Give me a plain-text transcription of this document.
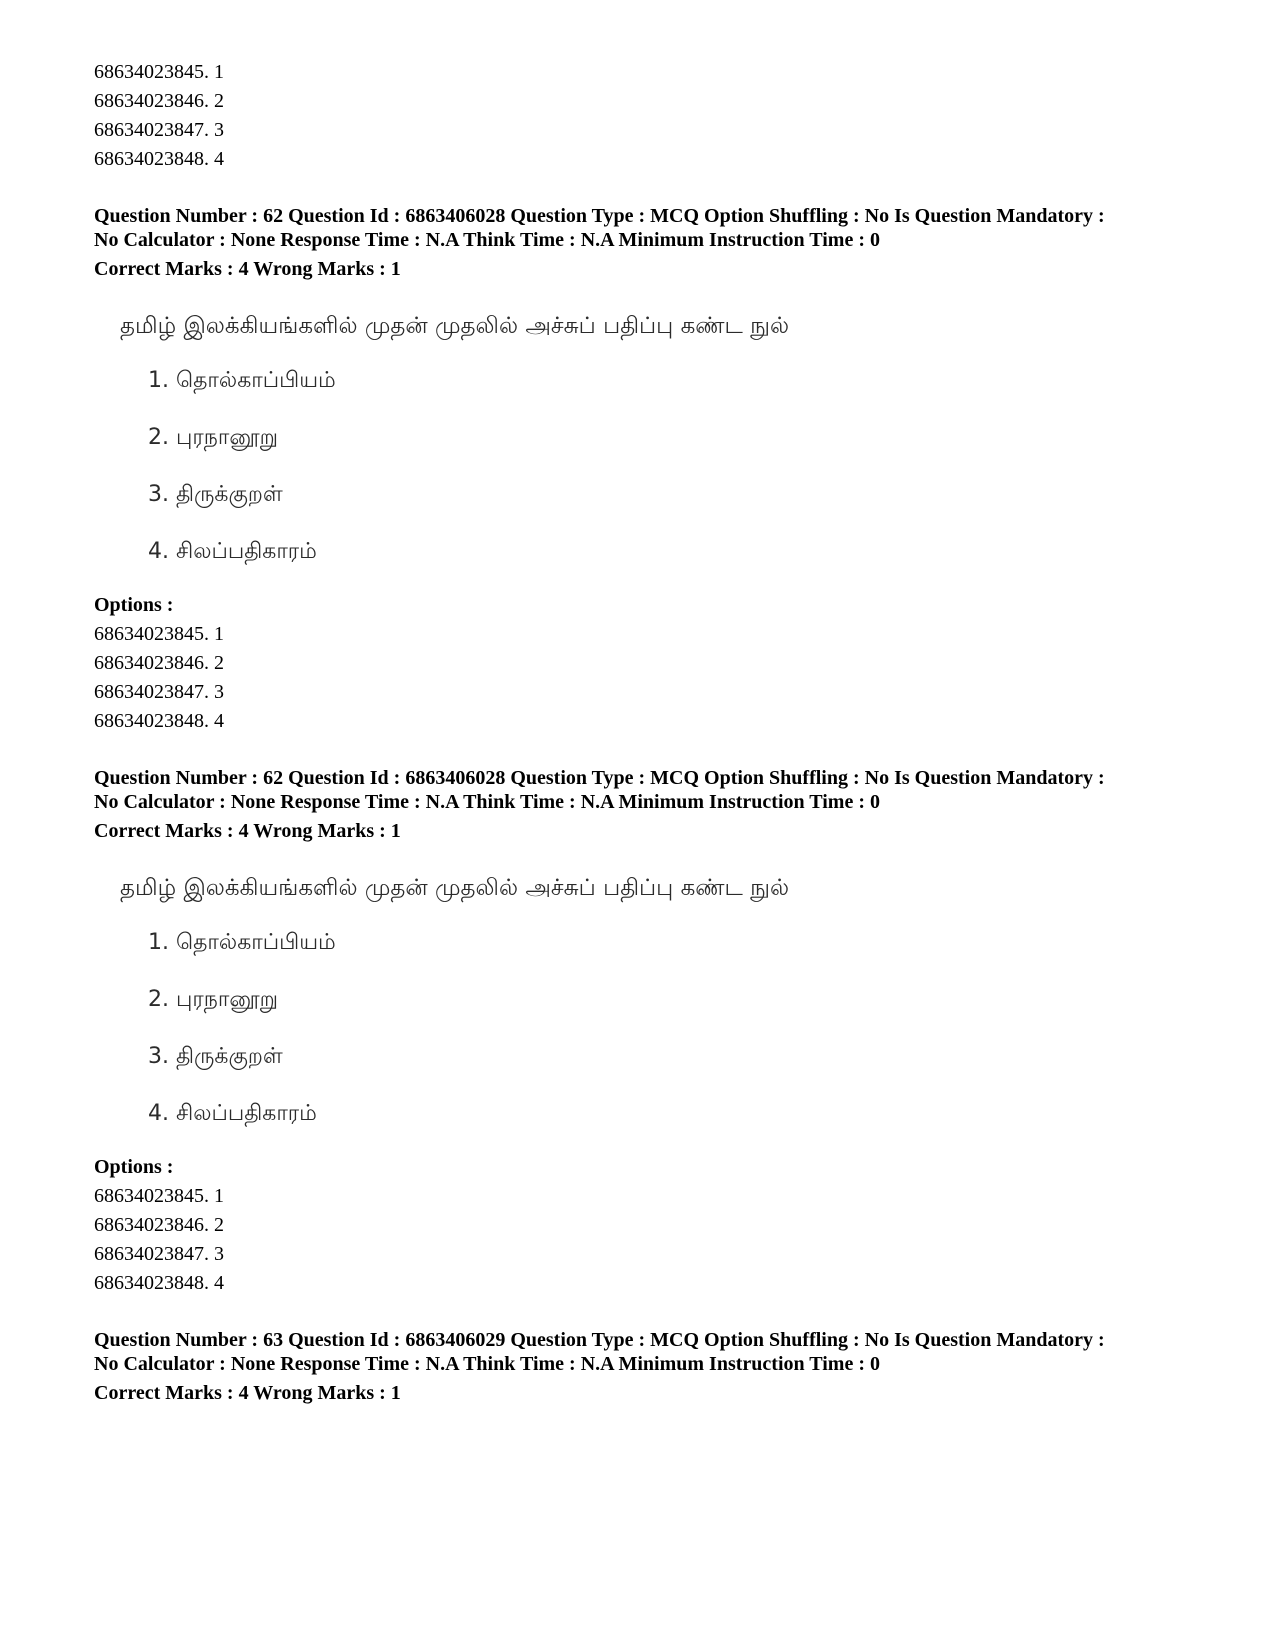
68634023845. 1
68634023846. 2
68634023847. 3
68634023848. 4
Question Number : 62 Question Id : 6863406028 Question Type : MCQ Option Shuffling : No Is Question Mandatory :
No Calculator : None Response Time : N.A Think Time : N.A Minimum Instruction Time : 0
Correct Marks : 4 Wrong Marks : 1
தமிழ் இலக்கியங்களில் முதன் முதலில் அச்சுப் பதிப்பு கண்ட நுல்
1. தொல்காப்பியம்
2. புரநானூறு
3. திருக்குறள்
4. சிலப்பதிகாரம்
Options :
68634023845. 1
68634023846. 2
68634023847. 3
68634023848. 4
Question Number : 62 Question Id : 6863406028 Question Type : MCQ Option Shuffling : No Is Question Mandatory :
No Calculator : None Response Time : N.A Think Time : N.A Minimum Instruction Time : 0
Correct Marks : 4 Wrong Marks : 1
தமிழ் இலக்கியங்களில் முதன் முதலில் அச்சுப் பதிப்பு கண்ட நுல்
1. தொல்காப்பியம்
2. புரநானூறு
3. திருக்குறள்
4. சிலப்பதிகாரம்
Options :
68634023845. 1
68634023846. 2
68634023847. 3
68634023848. 4
Question Number : 63 Question Id : 6863406029 Question Type : MCQ Option Shuffling : No Is Question Mandatory :
No Calculator : None Response Time : N.A Think Time : N.A Minimum Instruction Time : 0
Correct Marks : 4 Wrong Marks : 1
